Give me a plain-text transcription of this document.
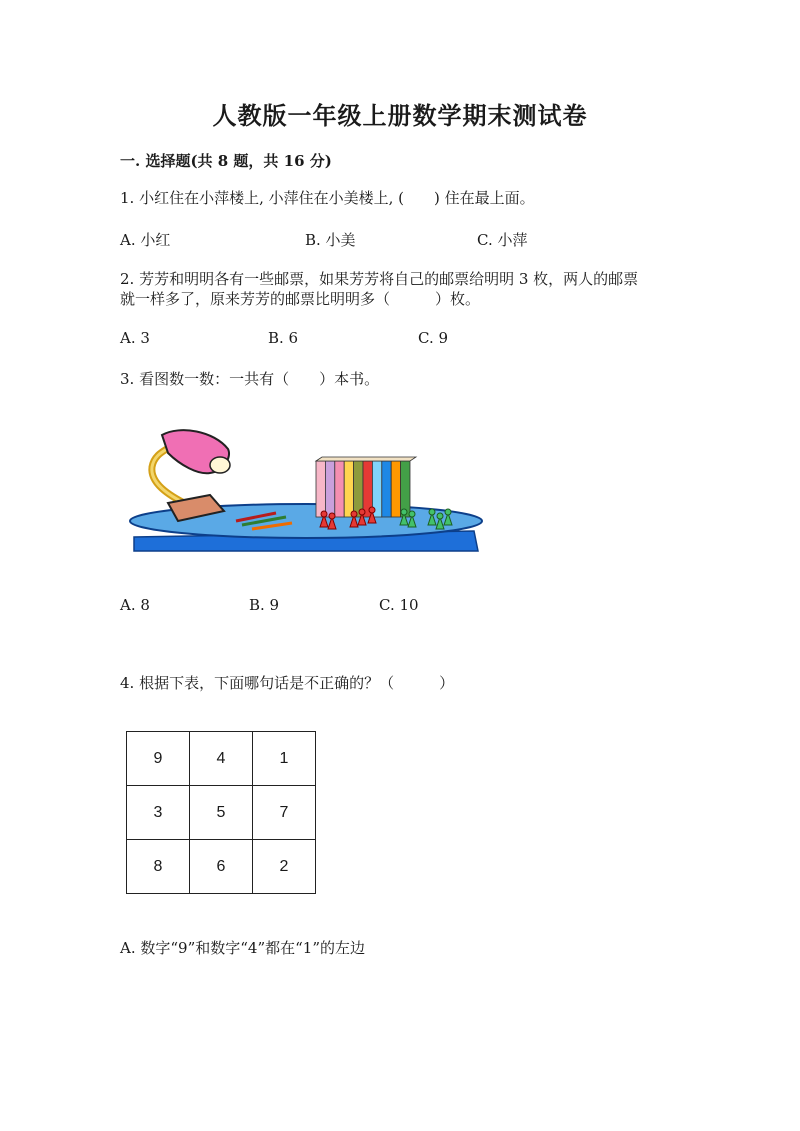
人教版一年级上册数学期末测试卷
一. 选择题(共 8 题，共 16 分)
1. 小红住在小萍楼上, 小萍住在小美楼上, (　　) 住在最上面。
A. 小红	B. 小美	C. 小萍
2. 芳芳和明明各有一些邮票，如果芳芳将自己的邮票给明明 3 枚，两人的邮票
就一样多了，原来芳芳的邮票比明明多（　　　）枚。
A. 3	B. 6	C. 9
3. 看图数一数：一共有（　　）本书。
A. 8	B. 9	C. 10
4. 根据下表，下面哪句话是不正确的？（　　　）
9	4	1
3	5	7
8	6	2
A. 数字“9”和数字“4”都在“1”的左边
